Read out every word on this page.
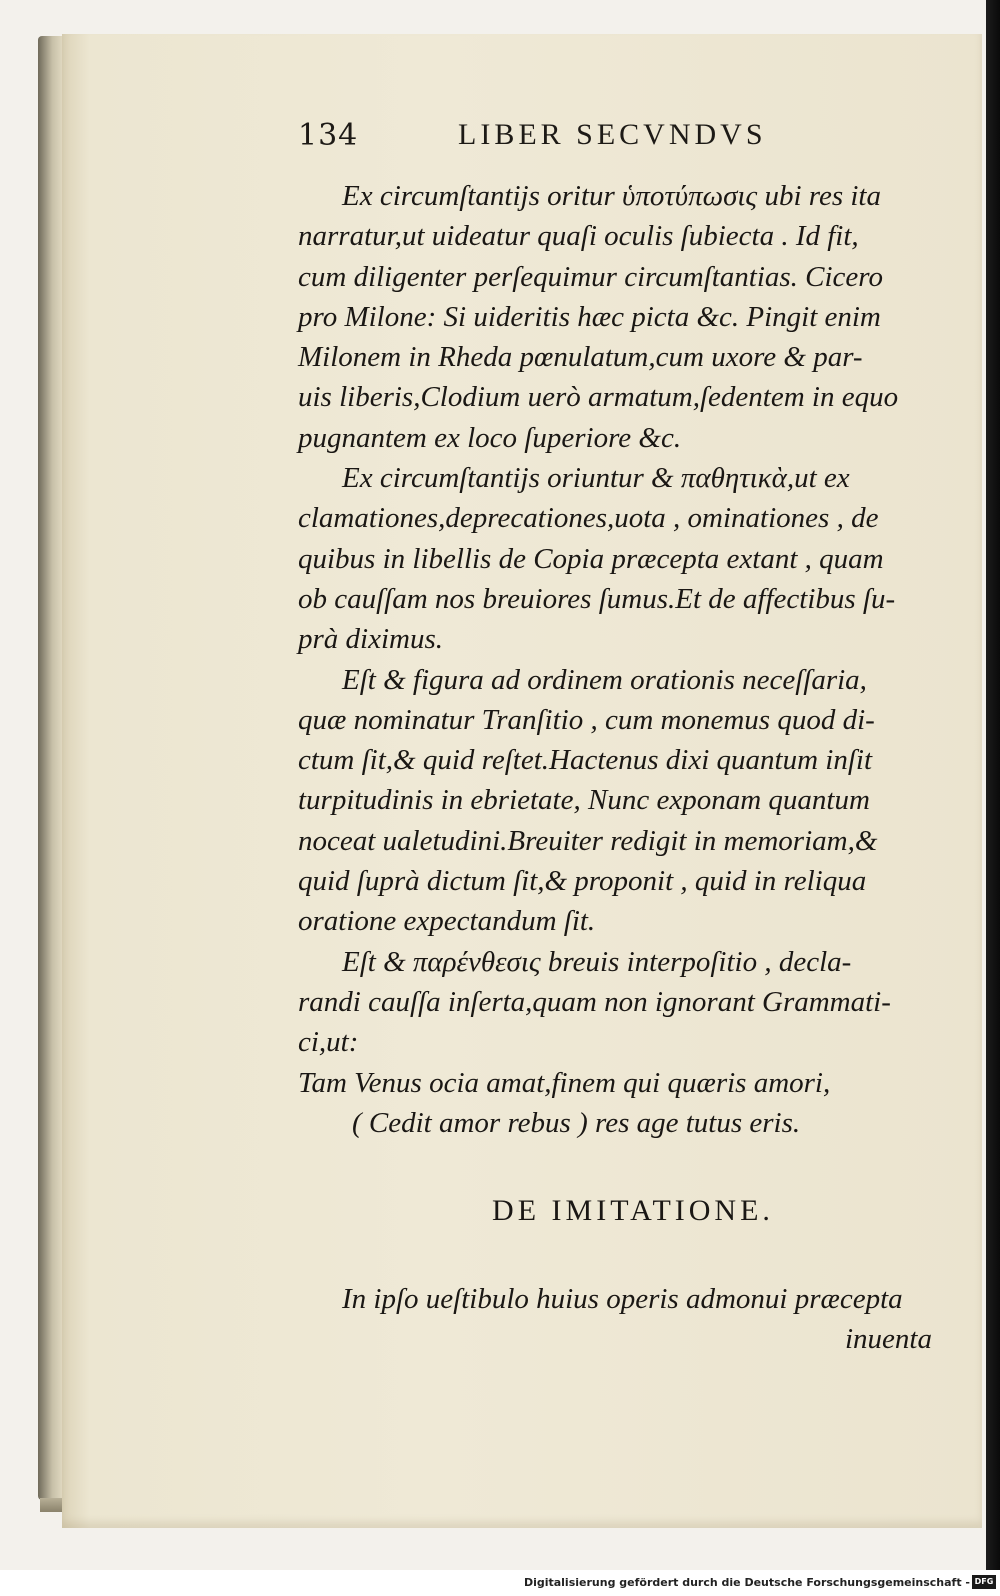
134	LIBER SECVNDVS
Ex circumſtantijs oritur ὑποτύπωσις ubi res ita
narratur,ut uideatur quaſi oculis ſubiecta . Id fit,
cum diligenter perſequimur circumſtantias. Cicero
pro Milone: Si uideritis hæc picta &c. Pingit enim
Milonem in Rheda pœnulatum,cum uxore & par-
uis liberis,Clodium uerò armatum,ſedentem in equo
pugnantem ex loco ſuperiore &c.
Ex circumſtantijs oriuntur & παθητικὰ,ut ex
clamationes,deprecationes,uota , ominationes , de
quibus in libellis de Copia præcepta extant , quam
ob cauſſam nos breuiores ſumus.Et de affectibus ſu-
prà diximus.
Eſt & figura ad ordinem orationis neceſſaria,
quæ nominatur Tranſitio , cum monemus quod di-
ctum ſit,& quid reſtet.Hactenus dixi quantum inſit
turpitudinis in ebrietate, Nunc exponam quantum
noceat ualetudini.Breuiter redigit in memoriam,&
quid ſuprà dictum ſit,& proponit , quid in reliqua
oratione expectandum ſit.
Eſt & παρένθεσις breuis interpoſitio , decla-
randi cauſſa inſerta,quam non ignorant Grammati-
ci,ut:
Tam Venus ocia amat,finem qui quæris amori,
( Cedit amor rebus ) res age tutus eris.
DE IMITATIONE.
In ipſo ueſtibulo huius operis admonui præcepta
inuenta
Digitalisierung gefördert durch die Deutsche Forschungsgemeinschaft - DFG
